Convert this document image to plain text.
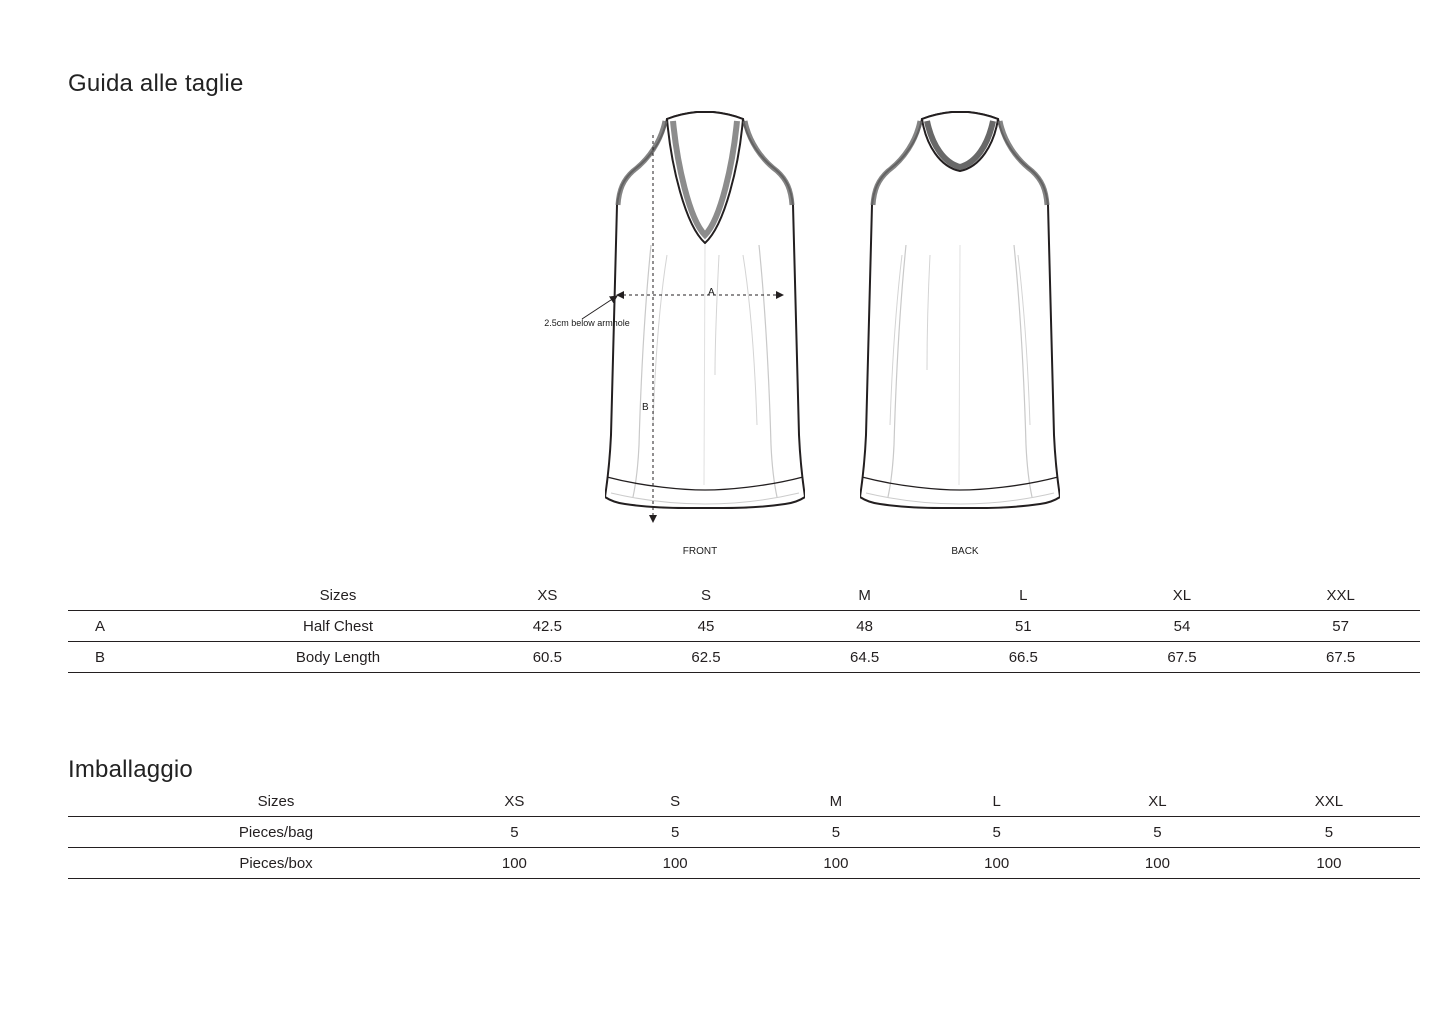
Guida alle taglie
A
B
2.5cm below armhole
FRONT	BACK
	Sizes	XS	S	M	L	XL	XXL
A	Half Chest	42.5	45	48	51	54	57
B	Body Length	60.5	62.5	64.5	66.5	67.5	67.5
Imballaggio
Sizes	XS	S	M	L	XL	XXL
Pieces/bag	5	5	5	5	5	5
Pieces/box	100	100	100	100	100	100
